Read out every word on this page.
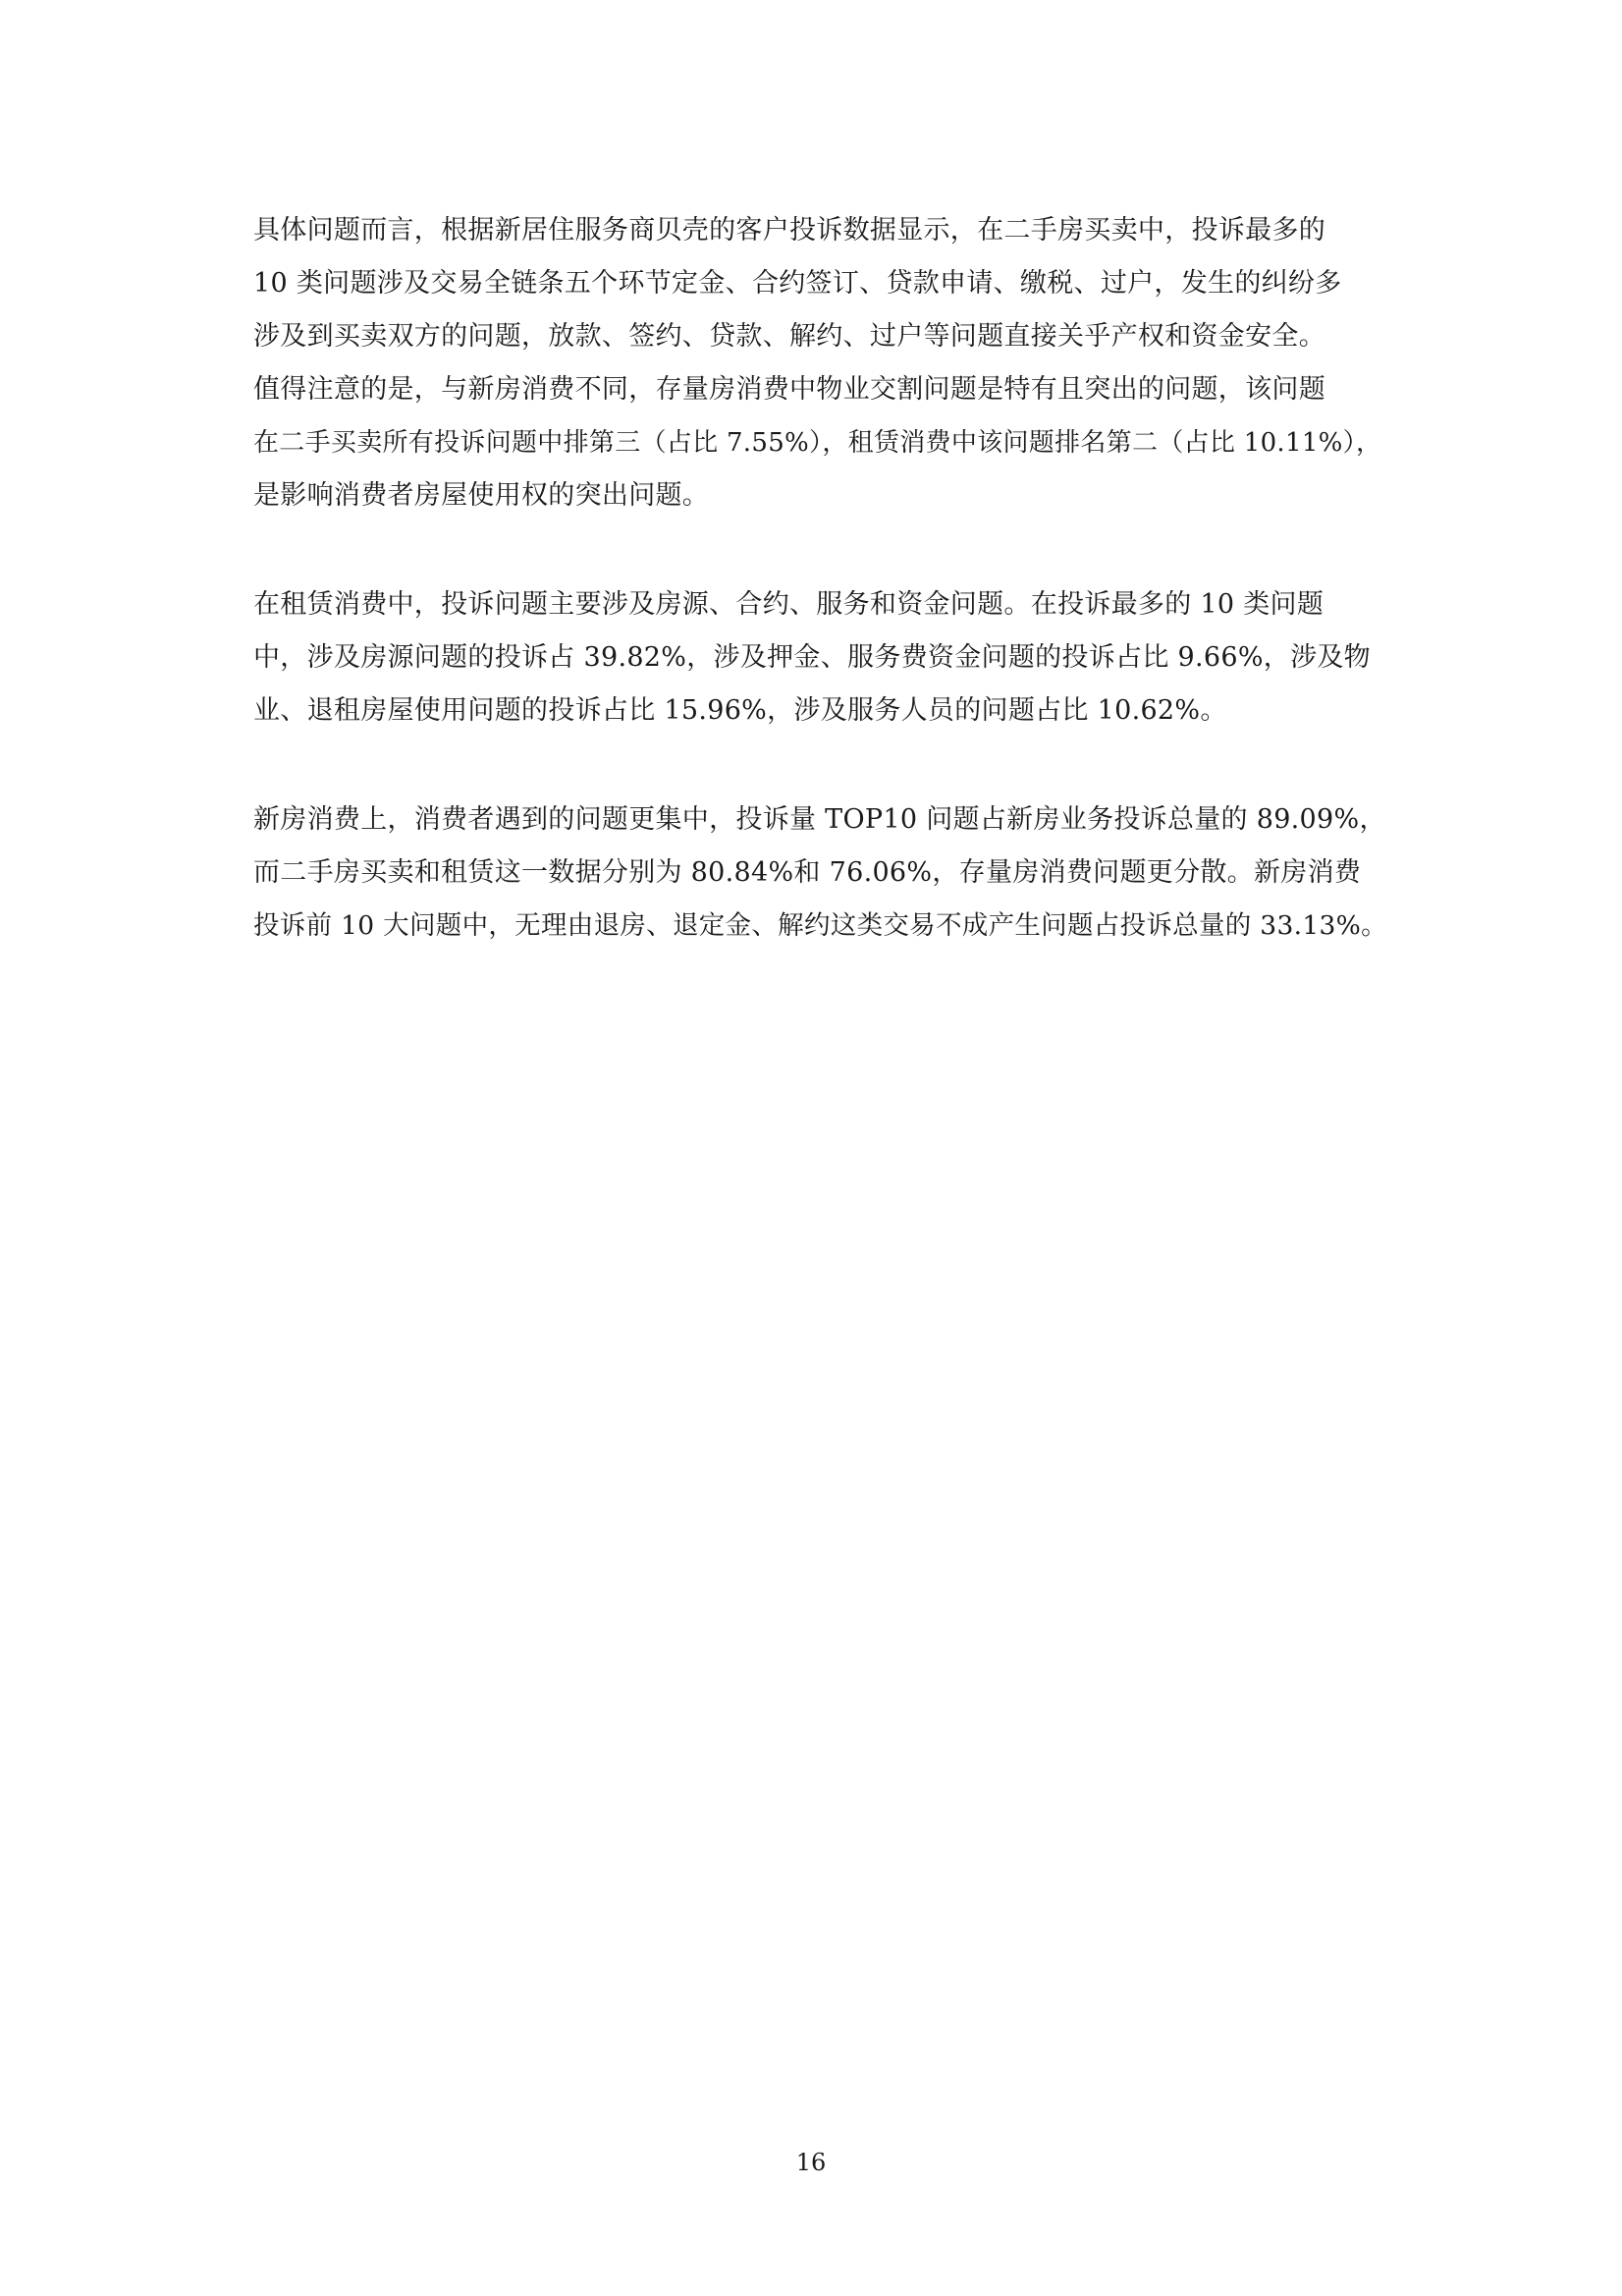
具体问题而言，根据新居住服务商贝壳的客户投诉数据显示，在二手房买卖中，投诉最多的
10 类问题涉及交易全链条五个环节定金、合约签订、贷款申请、缴税、过户，发生的纠纷多
涉及到买卖双方的问题，放款、签约、贷款、解约、过户等问题直接关乎产权和资金安全。
值得注意的是，与新房消费不同，存量房消费中物业交割问题是特有且突出的问题，该问题
在二手买卖所有投诉问题中排第三（占比 7.55%），租赁消费中该问题排名第二（占比 10.11%），
是影响消费者房屋使用权的突出问题。
在租赁消费中，投诉问题主要涉及房源、合约、服务和资金问题。在投诉最多的 10 类问题
中，涉及房源问题的投诉占 39.82%，涉及押金、服务费资金问题的投诉占比 9.66%，涉及物
业、退租房屋使用问题的投诉占比 15.96%，涉及服务人员的问题占比 10.62%。
新房消费上，消费者遇到的问题更集中，投诉量 TOP10 问题占新房业务投诉总量的 89.09%，
而二手房买卖和租赁这一数据分别为 80.84%和 76.06%，存量房消费问题更分散。新房消费
投诉前 10 大问题中，无理由退房、退定金、解约这类交易不成产生问题占投诉总量的 33.13%。
16
